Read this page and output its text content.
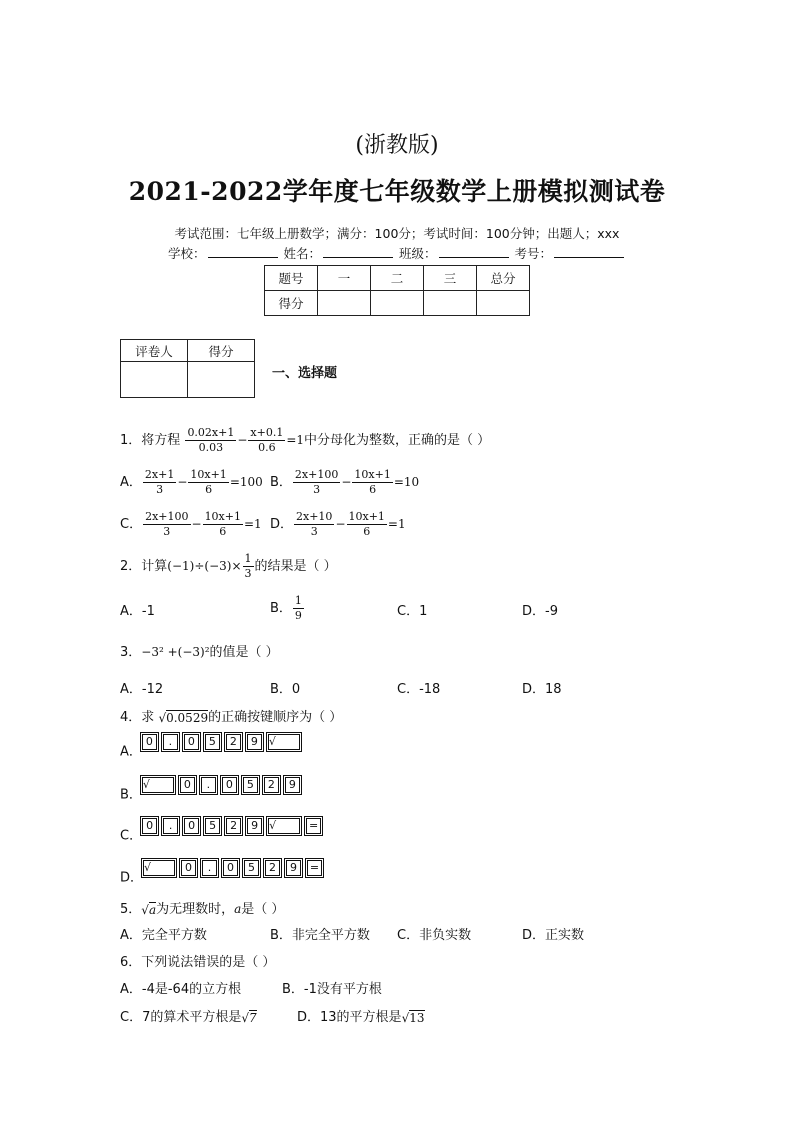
(浙教版)
2021-2022学年度七年级数学上册模拟测试卷
考试范围：七年级上册数学；满分：100分；考试时间：100分钟；出题人；xxx
学校：	姓名：	班级：	考号：
题号	一	二	三	总分
得分				
评卷人	得分

一、选择题
1．将方程 $\frac{0.02x+1}{0.03} - \frac{x+0.1}{0.6} =1$中分母化为整数，正确的是（ ）
A． $\frac{2x+1}{3} - \frac{10x+1}{6} =100$ B． $\frac{2x+100}{3} - \frac{10x+1}{6} =10$
C． $\frac{2x+100}{3} - \frac{10x+1}{6} =1$ D． $\frac{2x+10}{3} - \frac{10x+1}{6} =1$
2．计算$(-1)\div(-3)\times \frac{1}{3}$ 的结果是（ ）
A．-1	B． $\frac{1}{9}$	C．1	D．-9
3．−3² +(−3)²的值是（ ）
A．-12	B．0	C．-18	D．18
4．求 √0.0529的正确按键顺序为（ ）
A．0 . 0 5 2 9 √
B．√	0 . 0 5 2 9
C．0 . 0 5 2 9 √	=
D．√	0 . 0 5 2 9 =
5．√a为无理数时，a是（ ）
A．完全平方数	B．非完全平方数 C．非负实数	D．正实数
6．下列说法错误的是（ ）
A．-4是-64的立方根	B．-1没有平方根
C．7的算术平方根是√7	D．13的平方根是√13
